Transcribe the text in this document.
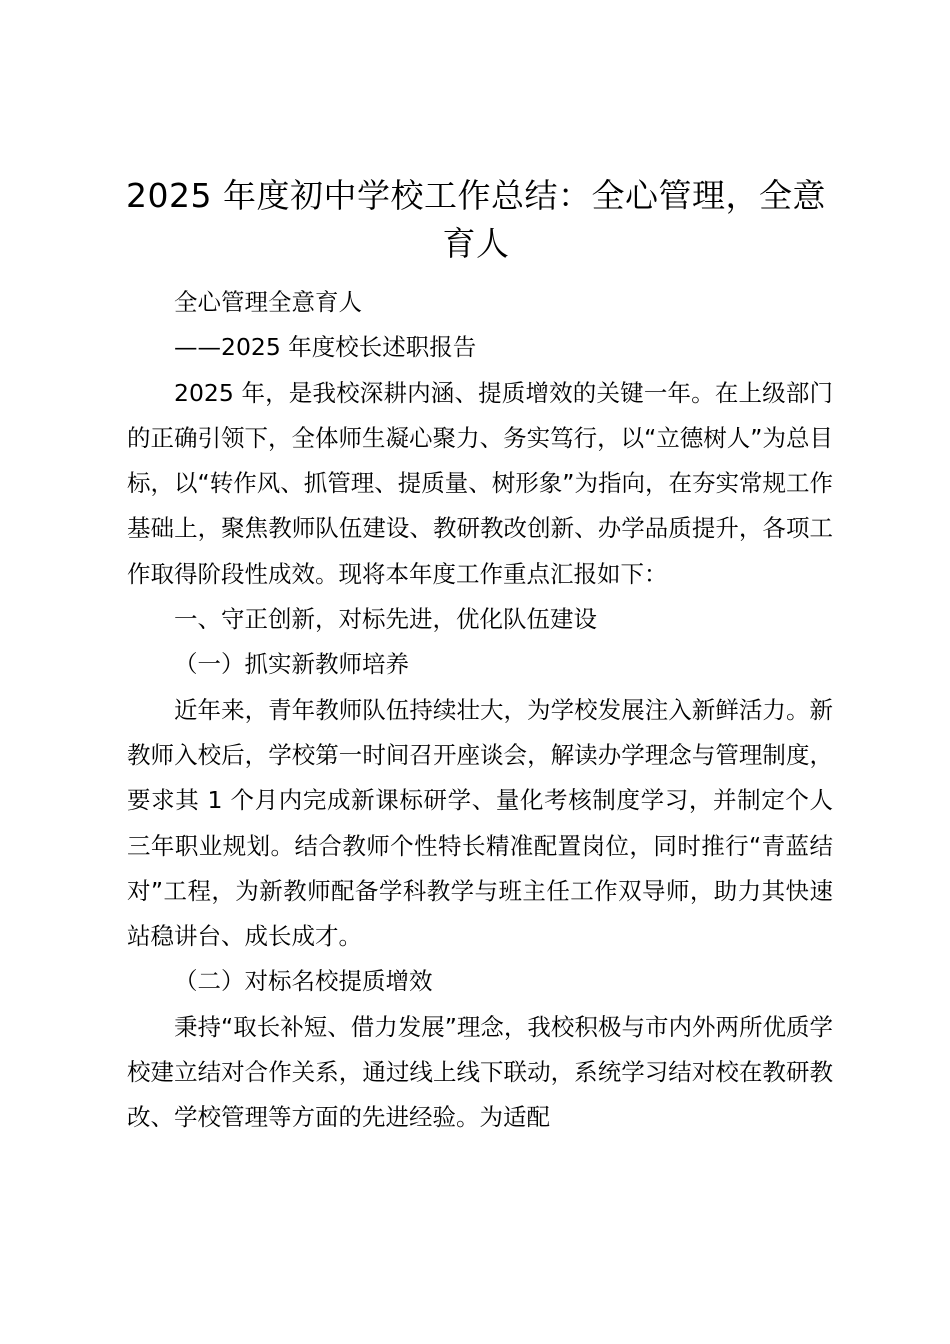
2025 年度初中学校工作总结：全心管理，全意育人

全心管理全意育人

——2025 年度校长述职报告

2025 年，是我校深耕内涵、提质增效的关键一年。在上级部门的正确引领下，全体师生凝心聚力、务实笃行，以“立德树人”为总目标，以“转作风、抓管理、提质量、树形象”为指向，在夯实常规工作基础上，聚焦教师队伍建设、教研教改创新、办学品质提升，各项工作取得阶段性成效。现将本年度工作重点汇报如下：

一、守正创新，对标先进，优化队伍建设

（一）抓实新教师培养

近年来，青年教师队伍持续壮大，为学校发展注入新鲜活力。新教师入校后，学校第一时间召开座谈会，解读办学理念与管理制度，要求其 1 个月内完成新课标研学、量化考核制度学习，并制定个人三年职业规划。结合教师个性特长精准配置岗位，同时推行“青蓝结对”工程，为新教师配备学科教学与班主任工作双导师，助力其快速站稳讲台、成长成才。

（二）对标名校提质增效

秉持“取长补短、借力发展”理念，我校积极与市内外两所优质学校建立结对合作关系，通过线上线下联动，系统学习结对校在教研教改、学校管理等方面的先进经验。为适配
